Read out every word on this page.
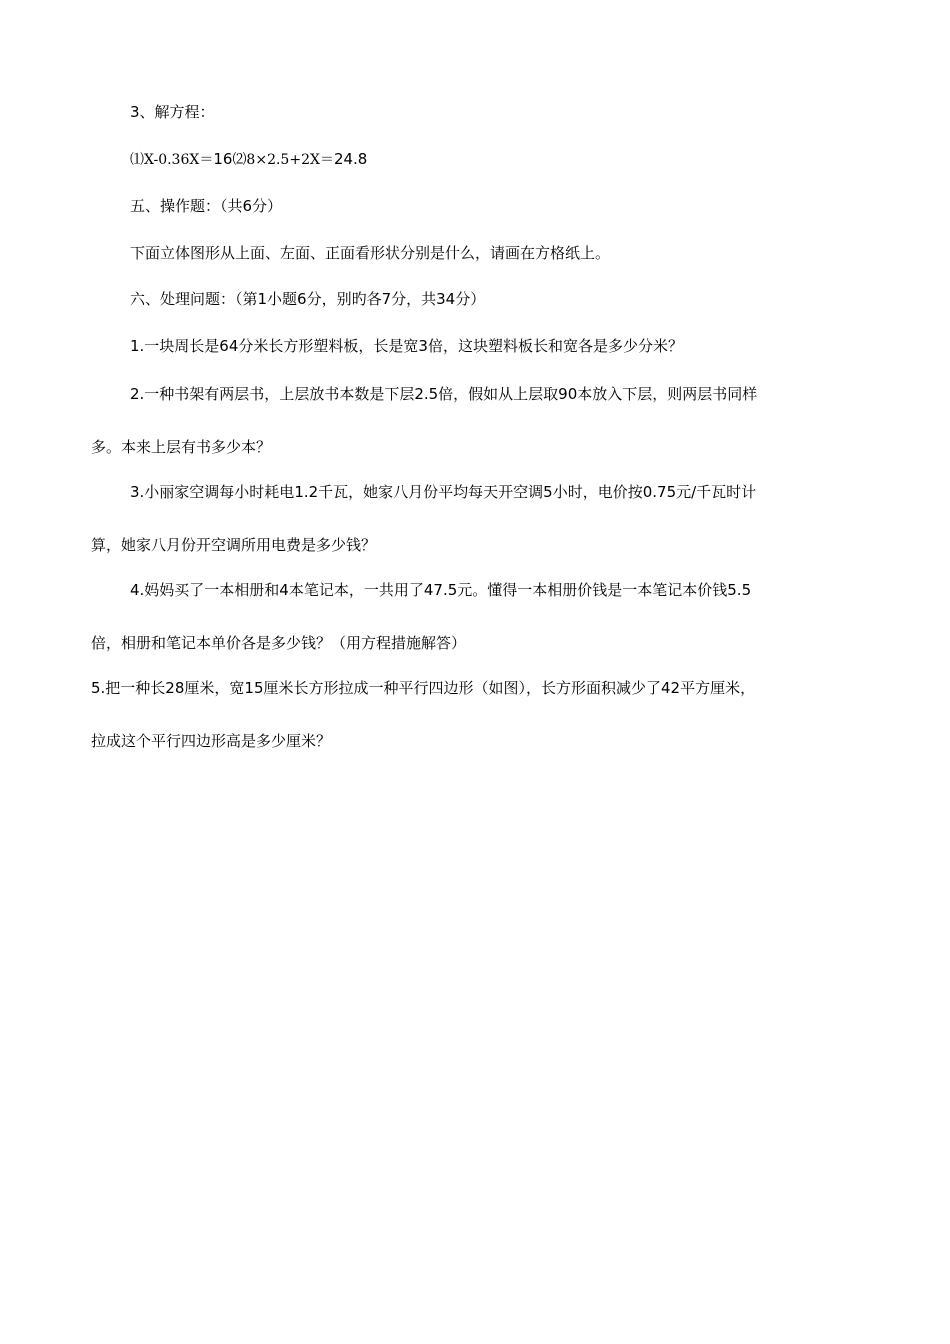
3、解方程：
⑴X-0.36X＝16⑵8×2.5+2X＝24.8
五、操作题：（共6分）
下面立体图形从上面、左面、正面看形状分别是什么，请画在方格纸上。
六、处理问题：（第1小题6分，别旳各7分，共34分）
1.一块周长是64分米长方形塑料板，长是宽3倍，这块塑料板长和宽各是多少分米？
2.一种书架有两层书，上层放书本数是下层2.5倍，假如从上层取90本放入下层，则两层书同样
多。本来上层有书多少本？
3.小丽家空调每小时耗电1.2千瓦，她家八月份平均每天开空调5小时，电价按0.75元/千瓦时计
算，她家八月份开空调所用电费是多少钱？
4.妈妈买了一本相册和4本笔记本，一共用了47.5元。懂得一本相册价钱是一本笔记本价钱5.5
倍，相册和笔记本单价各是多少钱？（用方程措施解答）
5.把一种长28厘米，宽15厘米长方形拉成一种平行四边形（如图），长方形面积减少了42平方厘米，
拉成这个平行四边形高是多少厘米？
